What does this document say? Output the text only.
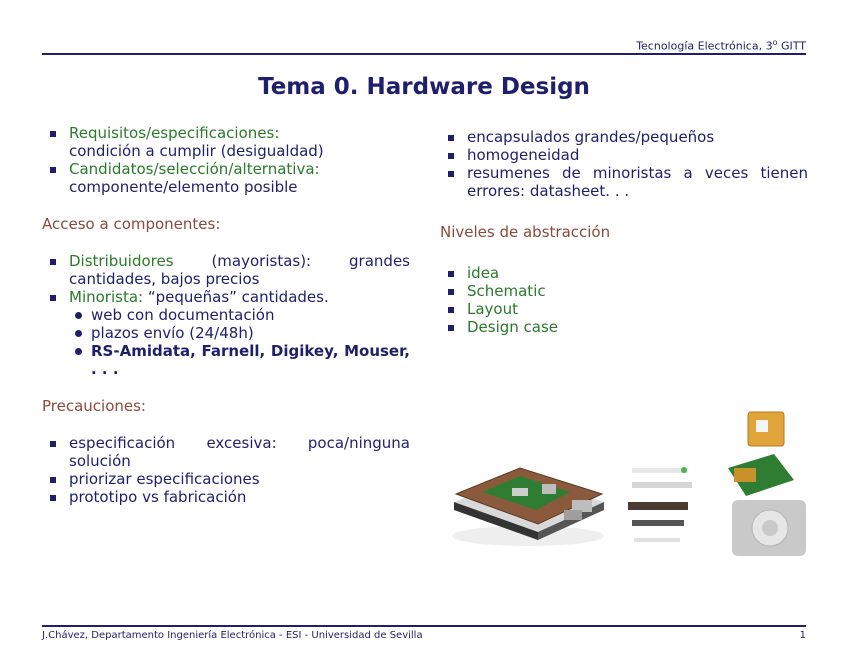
Tecnología Electrónica, 3$^o$ GITT
Tema 0. Hardware Design
Requisitos/especificaciones:
condición a cumplir (desigualdad)
Candidatos/selección/alternativa:
componente/elemento posible

Acceso a componentes:

Distribuidores (mayoristas): grandes cantidades, bajos precios
Minorista: “pequeñas” cantidades.
web con documentación
plazos envío (24/48h)
RS-Amidata, Farnell, Digikey, Mouser, . . .

Precauciones:

especificación excesiva: poca/ninguna solución
priorizar especificaciones
prototipo vs fabricación
encapsulados grandes/pequeños
homogeneidad
resumenes de minoristas a veces tienen errores: datasheet. . .

Niveles de abstracción

idea
Schematic
Layout
Design case
J.Chávez, Departamento Ingeniería Electrónica - ESI - Universidad de Sevilla	1
